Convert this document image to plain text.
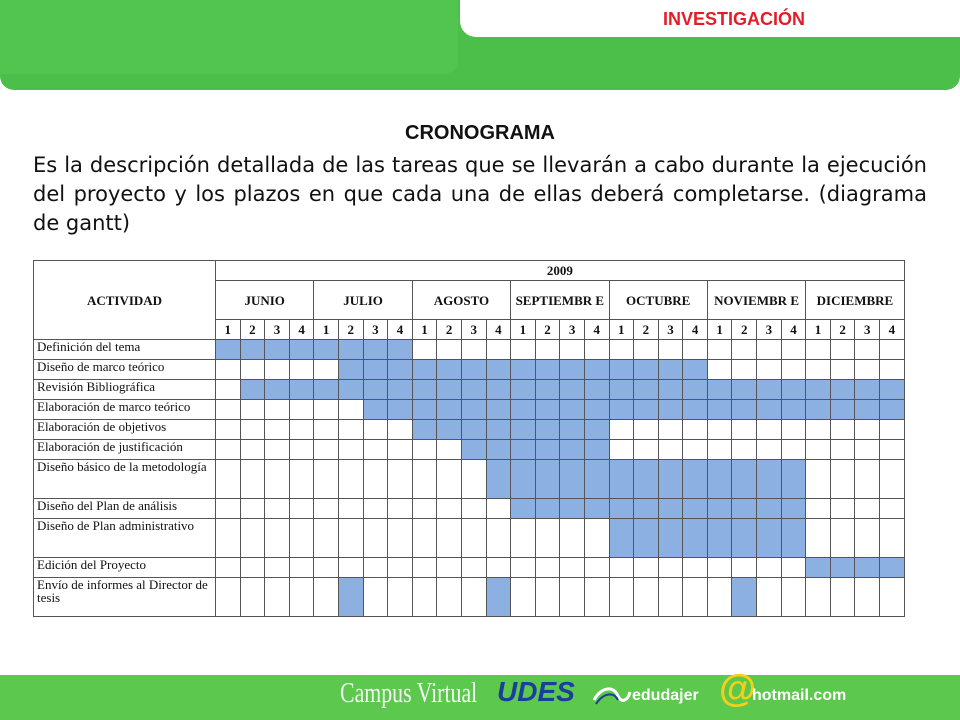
INVESTIGACIÓN
CRONOGRAMA
Es la descripción detallada de las tareas que se llevarán a cabo durante la ejecución del proyecto y los plazos en que cada una de ellas deberá completarse. (diagrama de gantt)
ACTIVIDAD	2009																											
	JUNIO				JULIO				AGOSTO				SEPTIEMBR E				OCTUBRE				NOVIEMBR E				DICIEMBRE			
	1	2	3	4	1	2	3	4	1	2	3	4	1	2	3	4	1	2	3	4	1	2	3	4	1	2	3	4
Definición del tema																												
Diseño de marco teórico																												
Revisión Bibliográfica																												
Elaboración de marco teórico																												
Elaboración de objetivos																												
Elaboración de justificación																												
Diseño básico de la metodología																												
Diseño del Plan de análisis																												
Diseño de Plan administrativo																												
Edición del Proyecto																												
Envío de informes al Director de tesis																												
Campus Virtual UDES	edudajer @
hotmail.com
